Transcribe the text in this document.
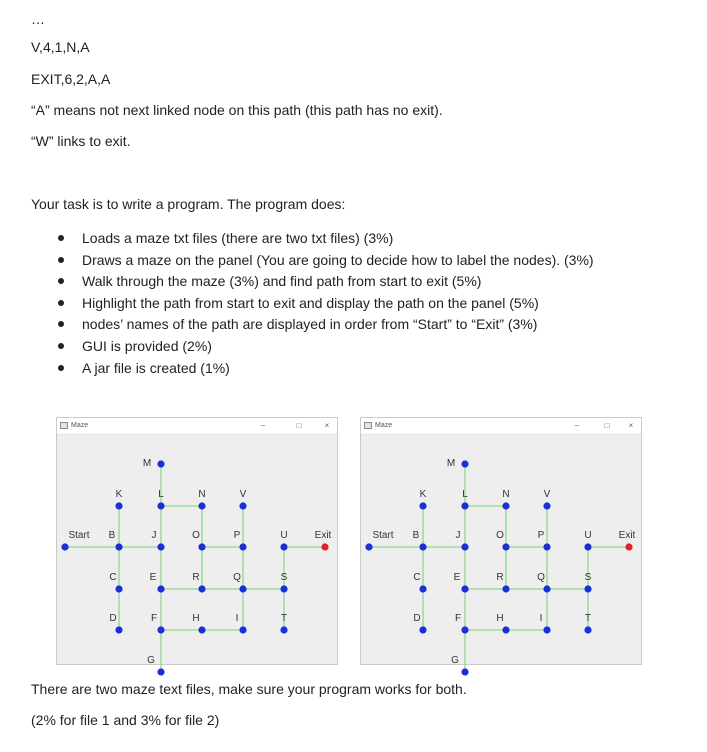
…
V,4,1,N,A
EXIT,6,2,A,A
“A” means not next linked node on this path (this path has no exit).
“W” links to exit.
Your task is to write a program. The program does:
Loads a maze txt files (there are two txt files) (3%)
Draws a maze on the panel (You are going to decide how to label the nodes). (3%)
Walk through the maze (3%) and find path from start to exit (5%)
Highlight the path from start to exit and display the path on the panel (5%)
nodes’ names of the path are displayed in order from “Start” to “Exit” (3%)
GUI is provided (2%)
A jar file is created (1%)
Maze	–	□	×
M
K	L	N	V
Start B	J	O	P	U	Exit
C	E	R	Q	S
D	F	H	I	T
G
Maze	–	□	×
M
K	L	N	V
Start B	J	O	P	U	Exit
C	E	R	Q	S
D	F	H	I	T
G
There are two maze text files, make sure your program works for both.
(2% for file 1 and 3% for file 2)
